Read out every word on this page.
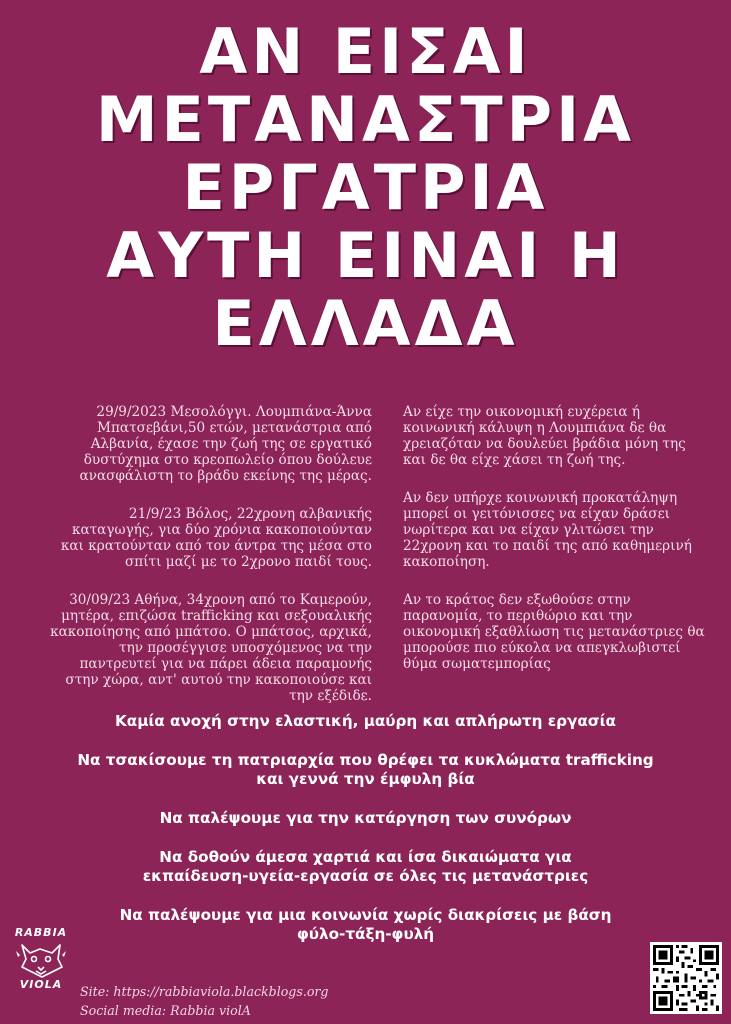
ΑΝ ΕΙΣΑΙ
ΜΕΤΑΝΑΣΤΡΙΑ
ΕΡΓΑΤΡΙΑ
ΑΥΤΗ ΕΙΝΑΙ Η
ΕΛΛΑΔΑ

29/9/2023 Μεσολόγγι. Λουμπιάνα-Άννα Μπατσεβάνι,50 ετών, μετανάστρια από Αλβανία, έχασε την ζωή της σε εργατικό δυστύχημα στο κρεοπωλείο όπου δούλευε ανασφάλιστη το βράδυ εκείνης της μέρας.

21/9/23 Βόλος, 22χρονη αλβανικής καταγωγής, για δύο χρόνια κακοποιούνταν και κρατούνταν από τον άντρα της μέσα στο σπίτι μαζί με το 2χρονο παιδί τους.

30/09/23 Αθήνα, 34χρονη από το Καμερούν, μητέρα, επιζώσα trafficking και σεξουαλικής κακοποίησης από μπάτσο. Ο μπάτσος, αρχικά, την προσέγγισε υποσχόμενος να την παντρευτεί για να πάρει άδεια παραμονής στην χώρα, αντ' αυτού την κακοποιούσε και την εξέδιδε.

Αν είχε την οικονομική ευχέρεια ή κοινωνική κάλυψη η Λουμπιάνα δε θα χρειαζόταν να δουλεύει βράδια μόνη της και δε θα είχε χάσει τη ζωή της.

Αν δεν υπήρχε κοινωνική προκατάληψη μπορεί οι γειτόνισσες να είχαν δράσει νωρίτερα και να είχαν γλιτώσει την 22χρονη και το παιδί της από καθημερινή κακοποίηση.

Αν το κράτος δεν εξωθούσε στην παρανομία, το περιθώριο και την οικονομική εξαθλίωση τις μετανάστριες θα μπορούσε πιο εύκολα να απεγκλωβιστεί θύμα σωματεμπορίας

Καμία ανοχή στην ελαστική, μαύρη και απλήρωτη εργασία

Να τσακίσουμε τη πατριαρχία που θρέφει τα κυκλώματα trafficking
και γεννά την έμφυλη βία

Να παλέψουμε για την κατάργηση των συνόρων

Να δοθούν άμεσα χαρτιά και ίσα δικαιώματα για
εκπαίδευση-υγεία-εργασία σε όλες τις μετανάστριες

Να παλέψουμε για μια κοινωνία χωρίς διακρίσεις με βάση
φύλο-τάξη-φυλή

RABBIA
VIOLA	Site: https://rabbiaviola.blackblogs.org
Social media: Rabbia violA
